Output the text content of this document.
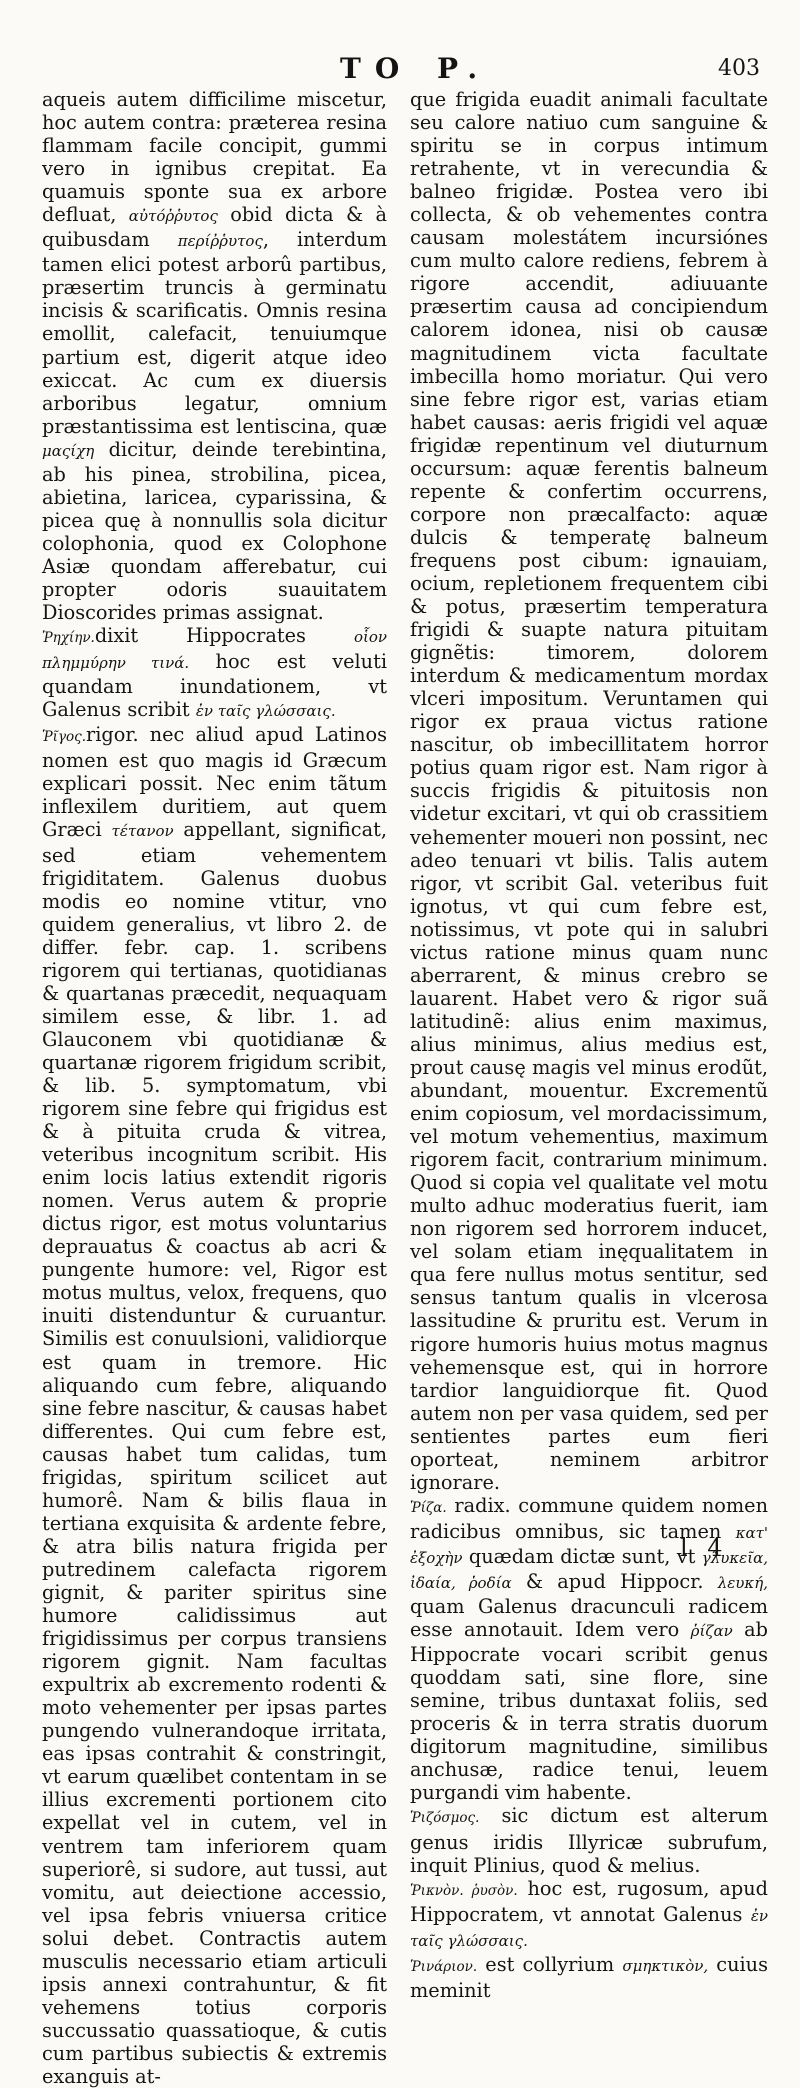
TO P.	403

aqueis autem difficilime miscetur, hoc autem contra: præterea resina flammam facile concipit, gummi vero in ignibus crepitat. Ea quamuis sponte sua ex arbore defluat, αὐτόῤῥυτος obid dicta & à quibusdam περίῤῥυτος, interdum tamen elici potest arborû partibus, præsertim truncis à germinatu incisis & scarificatis. Omnis resina emollit, calefacit, tenuiumque partium est, digerit atque ideo exiccat. Ac cum ex diuersis arboribus legatur, omnium præstantissima est lentiscina, quæ μαςίχη dicitur, deinde terebintina, ab his pinea, strobilina, picea, abietina, laricea, cyparissina, & picea quę à nonnullis sola dicitur colophonia, quod ex Colophone Asiæ quondam afferebatur, cui propter odoris suauitatem Dioscorides primas assignat.

Ῥηχίην.dixit Hippocrates	οἷον πλημμύρην τινά. hoc est veluti quandam inundationem, vt Galenus scribit ἐν ταῖς γλώσσαις.

Ῥῖγος.rigor. nec aliud apud Latinos nomen est quo magis id Græcum explicari possit. Nec enim tãtum inflexilem duritiem, aut quem Græci τέτανον appellant, significat, sed etiam vehementem frigiditatem. Galenus duobus modis eo nomine vtitur, vno quidem generalius, vt libro 2. de differ. febr. cap. 1. scribens rigorem qui tertianas, quotidianas & quartanas præcedit, nequaquam similem esse, & libr. 1. ad Glauconem vbi quotidianæ & quartanæ rigorem frigidum scribit, & lib. 5. symptomatum, vbi rigorem sine febre qui frigidus est & à pituita cruda & vitrea, veteribus incognitum scribit. His enim locis latius extendit rigoris nomen. Verus autem & proprie dictus rigor, est motus voluntarius deprauatus & coactus ab acri & pungente humore: vel, Rigor est motus multus, velox, frequens, quo inuiti distenduntur & curuantur. Similis est conuulsioni, validiorque est quam in tremore. Hic aliquando cum febre, aliquando sine febre nascitur, & causas habet differentes. Qui cum febre est, causas habet tum calidas, tum frigidas, spiritum scilicet aut humorê. Nam & bilis flaua in tertiana exquisita & ardente febre, & atra bilis natura frigida per putredinem calefacta rigorem gignit, & pariter spiritus sine humore calidissimus aut frigidissimus per corpus transiens rigorem gignit. Nam facultas expultrix ab excremento rodenti & moto vehementer per ipsas partes pungendo vulnerandoque irritata, eas ipsas contrahit & constringit, vt earum quælibet contentam in se illius excrementi portionem cito expellat vel in cutem, vel in ventrem tam inferiorem quam superiorê, si sudore, aut tussi, aut vomitu, aut deiectione accessio, vel ipsa febris vniuersa critice solui debet. Contractis autem musculis necessario etiam articuli ipsis annexi contrahuntur, & fit vehemens totius corporis succussatio quassatioque, & cutis cum partibus subiectis & extremis exanguis at-

que frigida euadit animali facultate seu calore natiuo cum sanguine & spiritu se in corpus intimum retrahente, vt in verecundia & balneo frigidæ. Postea vero ibi collecta, & ob vehementes contra causam molestátem incursiónes cum multo calore rediens, febrem à rigore accendit, adiuuante præsertim causa ad concipiendum calorem idonea, nisi ob causæ magnitudinem victa facultate imbecilla homo moriatur. Qui vero sine febre rigor est, varias etiam habet causas: aeris frigidi vel aquæ frigidæ repentinum vel diuturnum occursum: aquæ ferentis balneum repente & confertim occurrens, corpore non præcalfacto: aquæ dulcis & temperatę balneum frequens post cibum: ignauiam, ocium, repletionem frequentem cibi & potus, præsertim temperatura frigidi & suapte natura pituitam gignẽtis: timorem, dolorem interdum & medicamentum mordax vlceri impositum. Veruntamen qui rigor ex praua victus ratione nascitur, ob imbecillitatem horror potius quam rigor est. Nam rigor à succis frigidis & pituitosis non videtur excitari, vt qui ob crassitiem vehementer moueri non possint, nec adeo tenuari vt bilis. Talis autem rigor, vt scribit Gal. veteribus fuit ignotus, vt qui cum febre est, notissimus, vt pote qui in salubri victus ratione minus quam nunc aberrarent, & minus crebro se lauarent. Habet vero & rigor suã latitudinẽ: alius enim maximus, alius minimus, alius medius est, prout causę magis vel minus erodũt, abundant, mouentur. Excrementũ enim copiosum, vel mordacissimum, vel motum vehementius, maximum rigorem facit, contrarium minimum. Quod si copia vel qualitate vel motu multo adhuc moderatius fuerit, iam non rigorem sed horrorem inducet, vel solam etiam inęqualitatem in qua fere nullus motus sentitur, sed sensus tantum qualis in vlcerosa lassitudine & pruritu est. Verum in rigore humoris huius motus magnus vehemensque est, qui in horrore tardior languidiorque fit. Quod autem non per vasa quidem, sed per sentientes partes eum fieri oporteat, neminem arbitror ignorare.

Ῥίζα. radix. commune quidem nomen radicibus omnibus, sic tamen κατ' ἐξοχὴν quædam dictæ sunt, vt γλυκεῖα, ἰδαία, ῥοδία & apud Hippocr. λευκή, quam Galenus dracunculi radicem esse annotauit. Idem vero ῥίζαν ab Hippocrate vocari scribit genus quoddam sati, sine flore, sine semine, tribus duntaxat foliis, sed proceris & in terra stratis duorum digitorum magnitudine, similibus anchusæ, radice tenui, leuem purgandi vim habente.

Ῥιζόσμος. sic dictum est alterum genus iridis Illyricæ subrufum, inquit Plinius, quod & melius.

Ῥικνὸν. ῥυσὸν. hoc est, rugosum, apud Hippocratem, vt annotat Galenus ἐν ταῖς γλώσσαις.

Ῥινάριον. est collyrium σμηκτικὸν, cuius meminit

l 4
